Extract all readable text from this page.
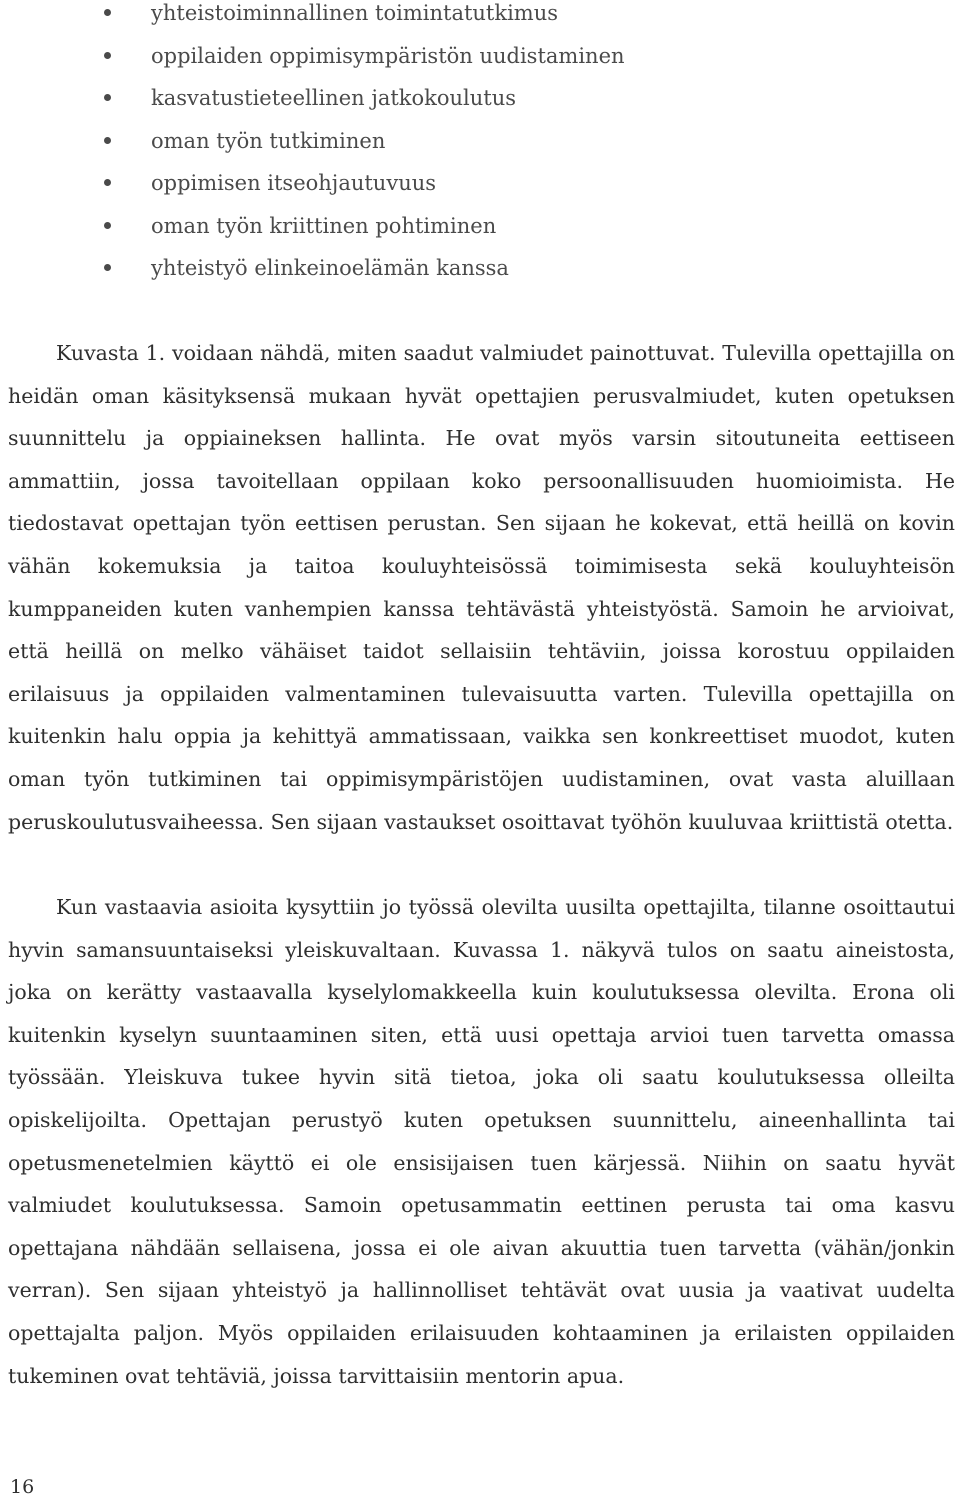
yhteistoiminnallinen toimintatutkimus
oppilaiden oppimisympäristön uudistaminen
kasvatustieteellinen jatkokoulutus
oman työn tutkiminen
oppimisen itseohjautuvuus
oman työn kriittinen pohtiminen
yhteistyö elinkeinoelämän kanssa

Kuvasta 1. voidaan nähdä, miten saadut valmiudet painottuvat. Tulevilla opettajilla on heidän oman käsityksensä mukaan hyvät opettajien perusvalmiudet, kuten opetuksen suunnittelu ja oppiaineksen hallinta. He ovat myös varsin sitoutuneita eettiseen ammattiin, jossa tavoitellaan oppilaan koko persoonallisuuden huomioimista. He tiedostavat opettajan työn eettisen perustan. Sen sijaan he kokevat, että heillä on kovin vähän kokemuksia ja taitoa kouluyhteisössä toimimisesta sekä kouluyhteisön kumppaneiden kuten vanhempien kanssa tehtävästä yhteistyöstä. Samoin he arvioivat, että heillä on melko vähäiset taidot sellaisiin tehtäviin, joissa korostuu oppilaiden erilaisuus ja oppilaiden valmentaminen tulevaisuutta varten. Tulevilla opettajilla on kuitenkin halu oppia ja kehittyä ammatissaan, vaikka sen konkreettiset muodot, kuten oman työn tutkiminen tai oppimisympäristöjen uudistaminen, ovat vasta aluillaan peruskoulutusvaiheessa. Sen sijaan vastaukset osoittavat työhön kuuluvaa kriittistä otetta.

Kun vastaavia asioita kysyttiin jo työssä olevilta uusilta opettajilta, tilanne osoittautui hyvin samansuuntaiseksi yleiskuvaltaan. Kuvassa 1. näkyvä tulos on saatu aineistosta, joka on kerätty vastaavalla kyselylomakkeella kuin koulutuksessa olevilta. Erona oli kuitenkin kyselyn suuntaaminen siten, että uusi opettaja arvioi tuen tarvetta omassa työssään. Yleiskuva tukee hyvin sitä tietoa, joka oli saatu koulutuksessa olleilta opiskelijoilta. Opettajan perustyö kuten opetuksen suunnittelu, aineenhallinta tai opetusmenetelmien käyttö ei ole ensisijaisen tuen kärjessä. Niihin on saatu hyvät valmiudet koulutuksessa. Samoin opetusammatin eettinen perusta tai oma kasvu opettajana nähdään sellaisena, jossa ei ole aivan akuuttia tuen tarvetta (vähän/jonkin verran). Sen sijaan yhteistyö ja hallinnolliset tehtävät ovat uusia ja vaativat uudelta opettajalta paljon. Myös oppilaiden erilaisuuden kohtaaminen ja erilaisten oppilaiden tukeminen ovat tehtäviä, joissa tarvittaisiin mentorin apua.

16
